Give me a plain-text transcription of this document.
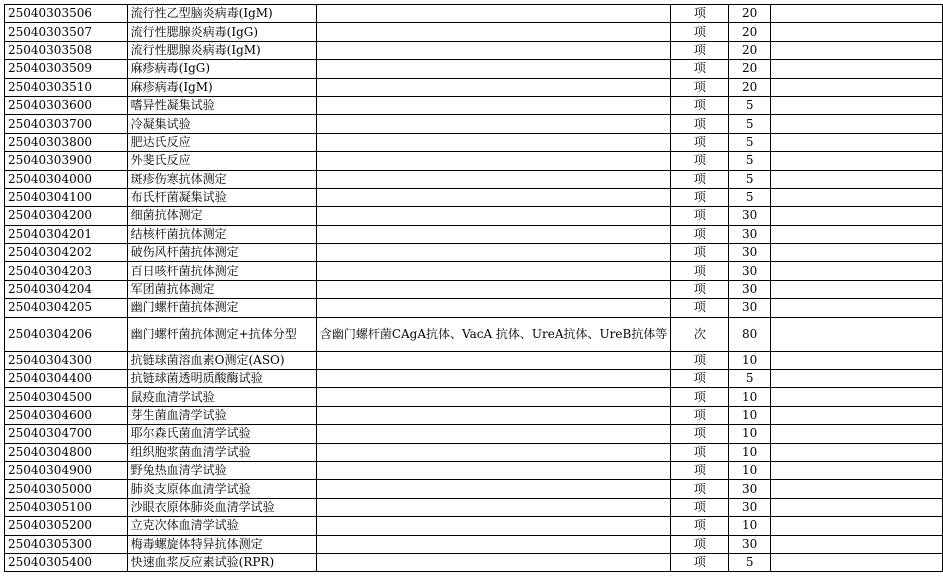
25040303506	流行性乙型脑炎病毒(IgM)		项	20	
25040303507	流行性腮腺炎病毒(IgG)		项	20	
25040303508	流行性腮腺炎病毒(IgM)		项	20	
25040303509	麻疹病毒(IgG)		项	20	
25040303510	麻疹病毒(IgM)		项	20	
25040303600	嗜异性凝集试验		项	5	
25040303700	冷凝集试验		项	5	
25040303800	肥达氏反应		项	5	
25040303900	外斐氏反应		项	5	
25040304000	斑疹伤寒抗体测定		项	5	
25040304100	布氏杆菌凝集试验		项	5	
25040304200	细菌抗体测定		项	30	
25040304201	结核杆菌抗体测定		项	30	
25040304202	破伤风杆菌抗体测定		项	30	
25040304203	百日咳杆菌抗体测定		项	30	
25040304204	军团菌抗体测定		项	30	
25040304205	幽门螺杆菌抗体测定		项	30	
25040304206	幽门螺杆菌抗体测定+抗体分型	含幽门螺杆菌CAgA抗体、VacA 抗体、UreA抗体、UreB抗体等	次	80	
25040304300	抗链球菌溶血素O测定(ASO)		项	10	
25040304400	抗链球菌透明质酸酶试验		项	5	
25040304500	鼠疫血清学试验		项	10	
25040304600	芽生菌血清学试验		项	10	
25040304700	耶尔森氏菌血清学试验		项	10	
25040304800	组织胞浆菌血清学试验		项	10	
25040304900	野兔热血清学试验		项	10	
25040305000	肺炎支原体血清学试验		项	30	
25040305100	沙眼衣原体肺炎血清学试验		项	30	
25040305200	立克次体血清学试验		项	10	
25040305300	梅毒螺旋体特异抗体测定		项	30	
25040305400	快速血浆反应素试验(RPR)		项	5	
